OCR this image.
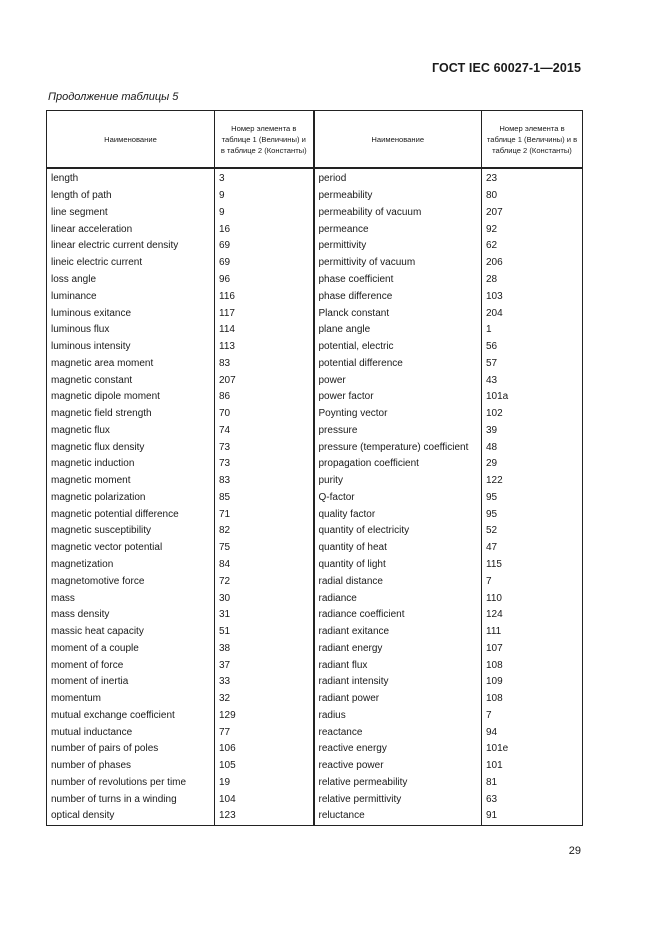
ГОСТ IEC 60027-1—2015
Продолжение таблицы 5
Наименование	Номер элемента в таблице 1 (Величины) и в таблице 2 (Константы)	Наименование	Номер элемента в таблице 1 (Величины) и в таблице 2 (Константы)
length	3	period	23
length of path	9	permeability	80
line segment	9	permeability of vacuum	207
linear acceleration	16	permeance	92
linear electric current density	69	permittivity	62
lineic electric current	69	permittivity of vacuum	206
loss angle	96	phase coefficient	28
luminance	116	phase difference	103
luminous exitance	117	Planck constant	204
luminous flux	114	plane angle	1
luminous intensity	113	potential, electric	56
magnetic area moment	83	potential difference	57
magnetic constant	207	power	43
magnetic dipole moment	86	power factor	101a
magnetic field strength	70	Poynting vector	102
magnetic flux	74	pressure	39
magnetic flux density	73	pressure (temperature) coefficient	48
magnetic induction	73	propagation coefficient	29
magnetic moment	83	purity	122
magnetic polarization	85	Q-factor	95
magnetic potential difference	71	quality factor	95
magnetic susceptibility	82	quantity of electricity	52
magnetic vector potential	75	quantity of heat	47
magnetization	84	quantity of light	115
magnetomotive force	72	radial distance	7
mass	30	radiance	110
mass density	31	radiance coefficient	124
massic heat capacity	51	radiant exitance	111
moment of a couple	38	radiant energy	107
moment of force	37	radiant flux	108
moment of inertia	33	radiant intensity	109
momentum	32	radiant power	108
mutual exchange coefficient	129	radius	7
mutual inductance	77	reactance	94
number of pairs of poles	106	reactive energy	101e
number of phases	105	reactive power	101
number of revolutions per time	19	relative permeability	81
number of turns in a winding	104	relative permittivity	63
optical density	123	reluctance	91
29
